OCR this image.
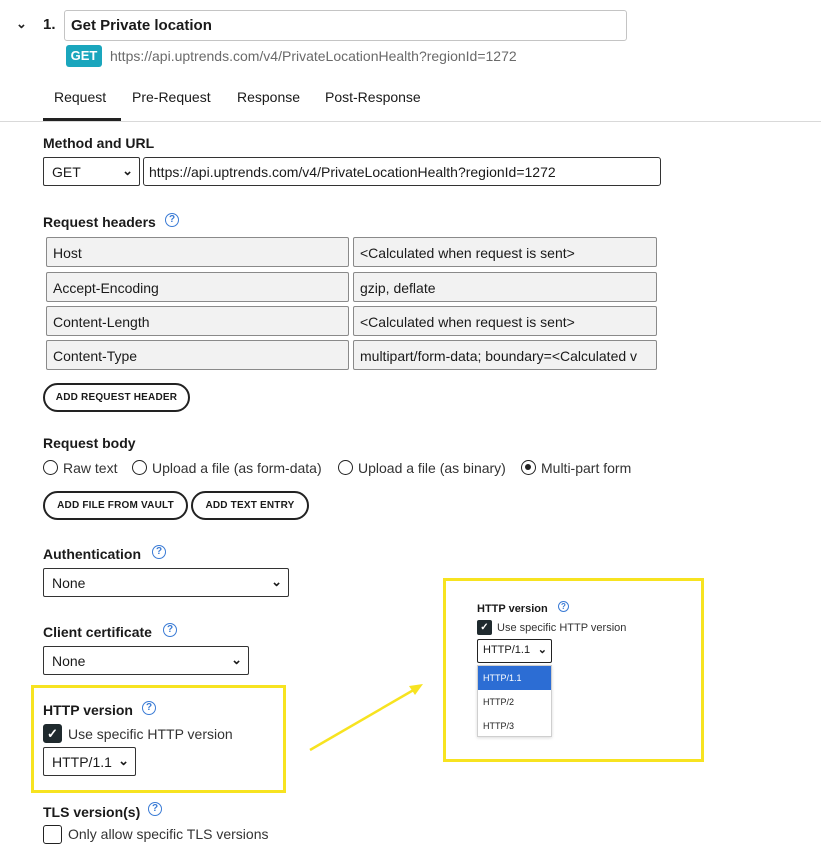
⌄ 1.	Get Private location
GET https://api.uptrends.com/v4/PrivateLocationHealth?regionId=1272
Request Pre-Request Response Post-Response
Method and URL
GET	⌄	https://api.uptrends.com/v4/PrivateLocationHealth?regionId=1272
Request headers	?
Host	<Calculated when request is sent>
Accept-Encoding	gzip, deflate
Content-Length	<Calculated when request is sent>
Content-Type	multipart/form-data; boundary=<Calculated v
ADD REQUEST HEADER
Request body
Raw text	Upload a file (as form-data)	Upload a file (as binary)	Multi-part form
ADD FILE FROM VAULT	ADD TEXT ENTRY
Authentication	?
None	⌄
Client certificate	?
None	⌄
HTTP version	?
✓ Use specific HTTP version
HTTP/1.1 ⌄
TLS version(s)	?
Only allow specific TLS versions
HTTP version	?
✓ Use specific HTTP version
HTTP/1.1 ⌄
HTTP/1.1
HTTP/2
HTTP/3
